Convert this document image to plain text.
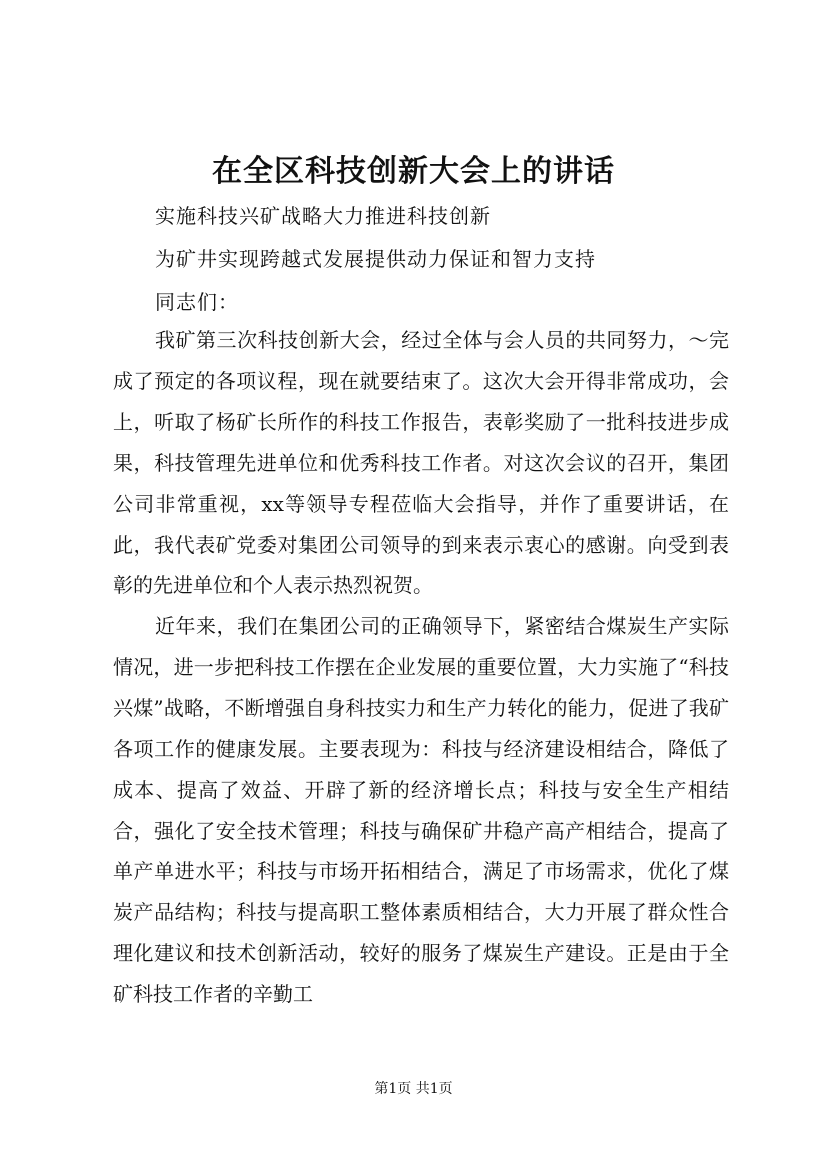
在全区科技创新大会上的讲话
实施科技兴矿战略大力推进科技创新
为矿井实现跨越式发展提供动力保证和智力支持
同志们：

我矿第三次科技创新大会，经过全体与会人员的共同努力，～完成了预定的各项议程，现在就要结束了。这次大会开得非常成功，会上，听取了杨矿长所作的科技工作报告，表彰奖励了一批科技进步成果，科技管理先进单位和优秀科技工作者。对这次会议的召开，集团公司非常重视，xx等领导专程莅临大会指导，并作了重要讲话，在此，我代表矿党委对集团公司领导的到来表示衷心的感谢。向受到表彰的先进单位和个人表示热烈祝贺。

近年来，我们在集团公司的正确领导下，紧密结合煤炭生产实际情况，进一步把科技工作摆在企业发展的重要位置，大力实施了“科技兴煤”战略，不断增强自身科技实力和生产力转化的能力，促进了我矿各项工作的健康发展。主要表现为：科技与经济建设相结合，降低了成本、提高了效益、开辟了新的经济增长点；科技与安全生产相结合，强化了安全技术管理；科技与确保矿井稳产高产相结合，提高了单产单进水平；科技与市场开拓相结合，满足了市场需求，优化了煤炭产品结构；科技与提高职工整体素质相结合，大力开展了群众性合理化建议和技术创新活动，较好的服务了煤炭生产建设。正是由于全矿科技工作者的辛勤工

第1页 共1页
